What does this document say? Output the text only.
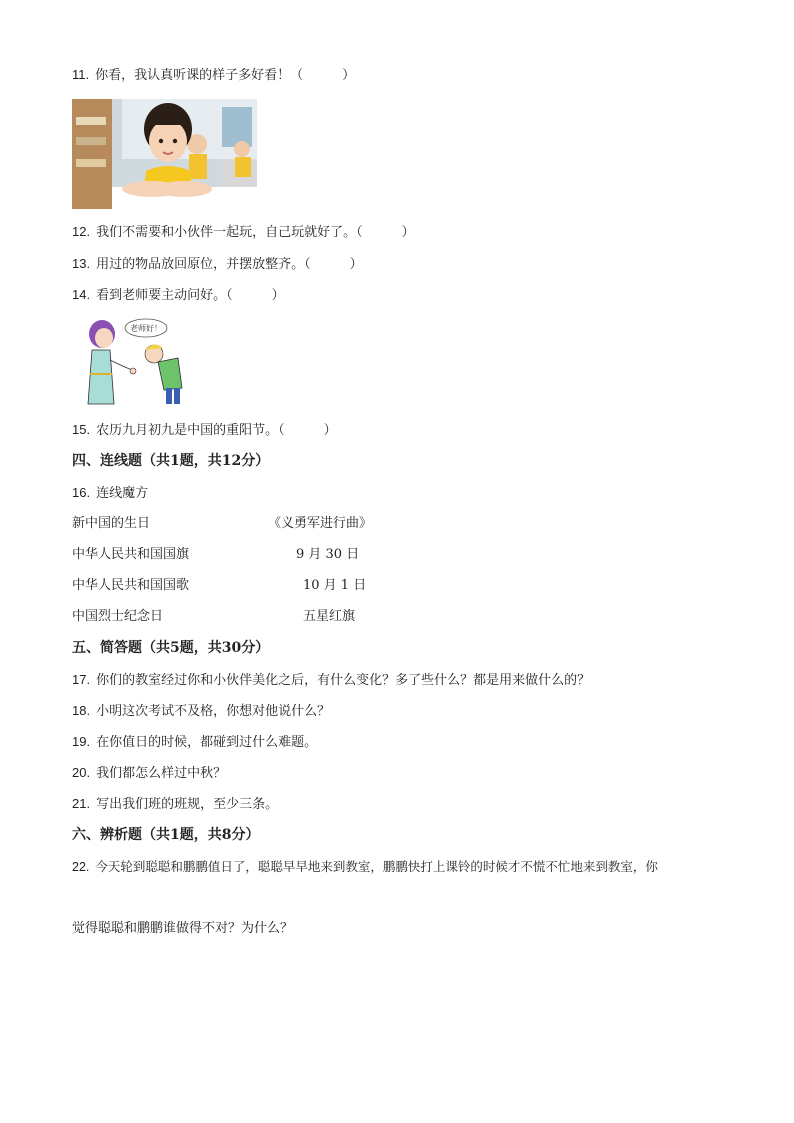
11. 你看，我认真听课的样子多好看！（　　　）
12. 我们不需要和小伙伴一起玩，自己玩就好了。（　　　）
13. 用过的物品放回原位，并摆放整齐。（　　　）
14. 看到老师要主动问好。（　　　）
老师好！
15. 农历九月初九是中国的重阳节。（　　　）
四、连线题（共1题，共12分）
16. 连线魔方
新中国的生日	《义勇军进行曲》
中华人民共和国国旗	9 月 30 日
中华人民共和国国歌	10 月 1 日
中国烈士纪念日	五星红旗
五、简答题（共5题，共30分）
17. 你们的教室经过你和小伙伴美化之后，有什么变化？多了些什么？都是用来做什么的？
18. 小明这次考试不及格，你想对他说什么？
19. 在你值日的时候，都碰到过什么难题。
20. 我们都怎么样过中秋？
21. 写出我们班的班规，至少三条。
六、辨析题（共1题，共8分）
22. 今天轮到聪聪和鹏鹏值日了，聪聪早早地来到教室，鹏鹏快打上课铃的时候才不慌不忙地来到教室，你
觉得聪聪和鹏鹏谁做得不对？为什么？
